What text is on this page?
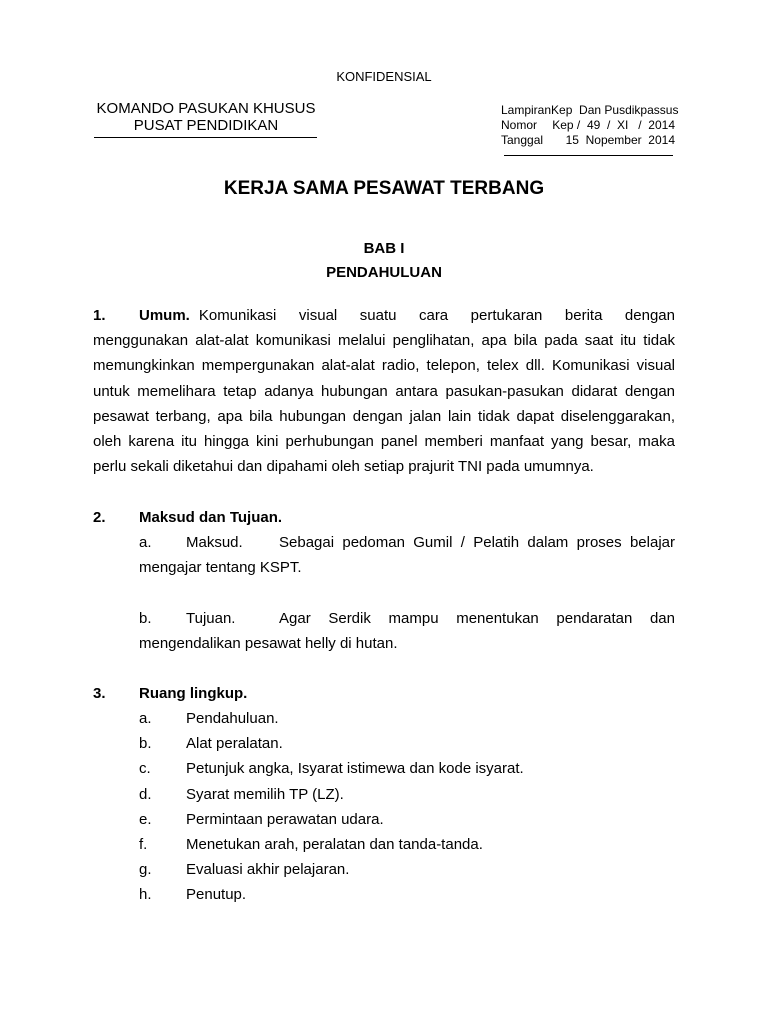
KONFIDENSIAL
KOMANDO PASUKAN KHUSUS
PUSAT PENDIDIKAN
Lampiran Kep  Dan Pusdikpassus
Nomor Kep /  49  /  XI   /  2014
Tanggal 15  Nopember  2014
KERJA SAMA PESAWAT TERBANG
BAB I
PENDAHULUAN
1.	Umum. Komunikasi visual suatu cara pertukaran berita dengan
menggunakan alat-alat komunikasi melalui penglihatan, apa bila pada saat itu tidak
memungkinkan mempergunakan alat-alat radio, telepon, telex dll. Komunikasi visual
untuk memelihara tetap adanya hubungan antara pasukan-pasukan didarat dengan
pesawat terbang, apa bila hubungan dengan jalan lain tidak dapat diselenggarakan,
oleh karena itu hingga kini perhubungan panel memberi manfaat yang besar, maka
perlu sekali diketahui dan dipahami oleh setiap prajurit TNI pada umumnya.
2. Maksud dan Tujuan.
a.	Maksud.	Sebagai pedoman Gumil / Pelatih dalam proses belajar
mengajar tentang KSPT.
b.	Tujuan.	Agar Serdik mampu menentukan pendaratan dan
mengendalikan pesawat helly di hutan.
3. Ruang lingkup.
a. Pendahuluan.
b. Alat peralatan.
c. Petunjuk angka, Isyarat istimewa dan kode isyarat.
d. Syarat memilih TP (LZ).
e. Permintaan perawatan udara.
f.	Menetukan arah, peralatan dan tanda-tanda.
g. Evaluasi akhir pelajaran.
h. Penutup.
